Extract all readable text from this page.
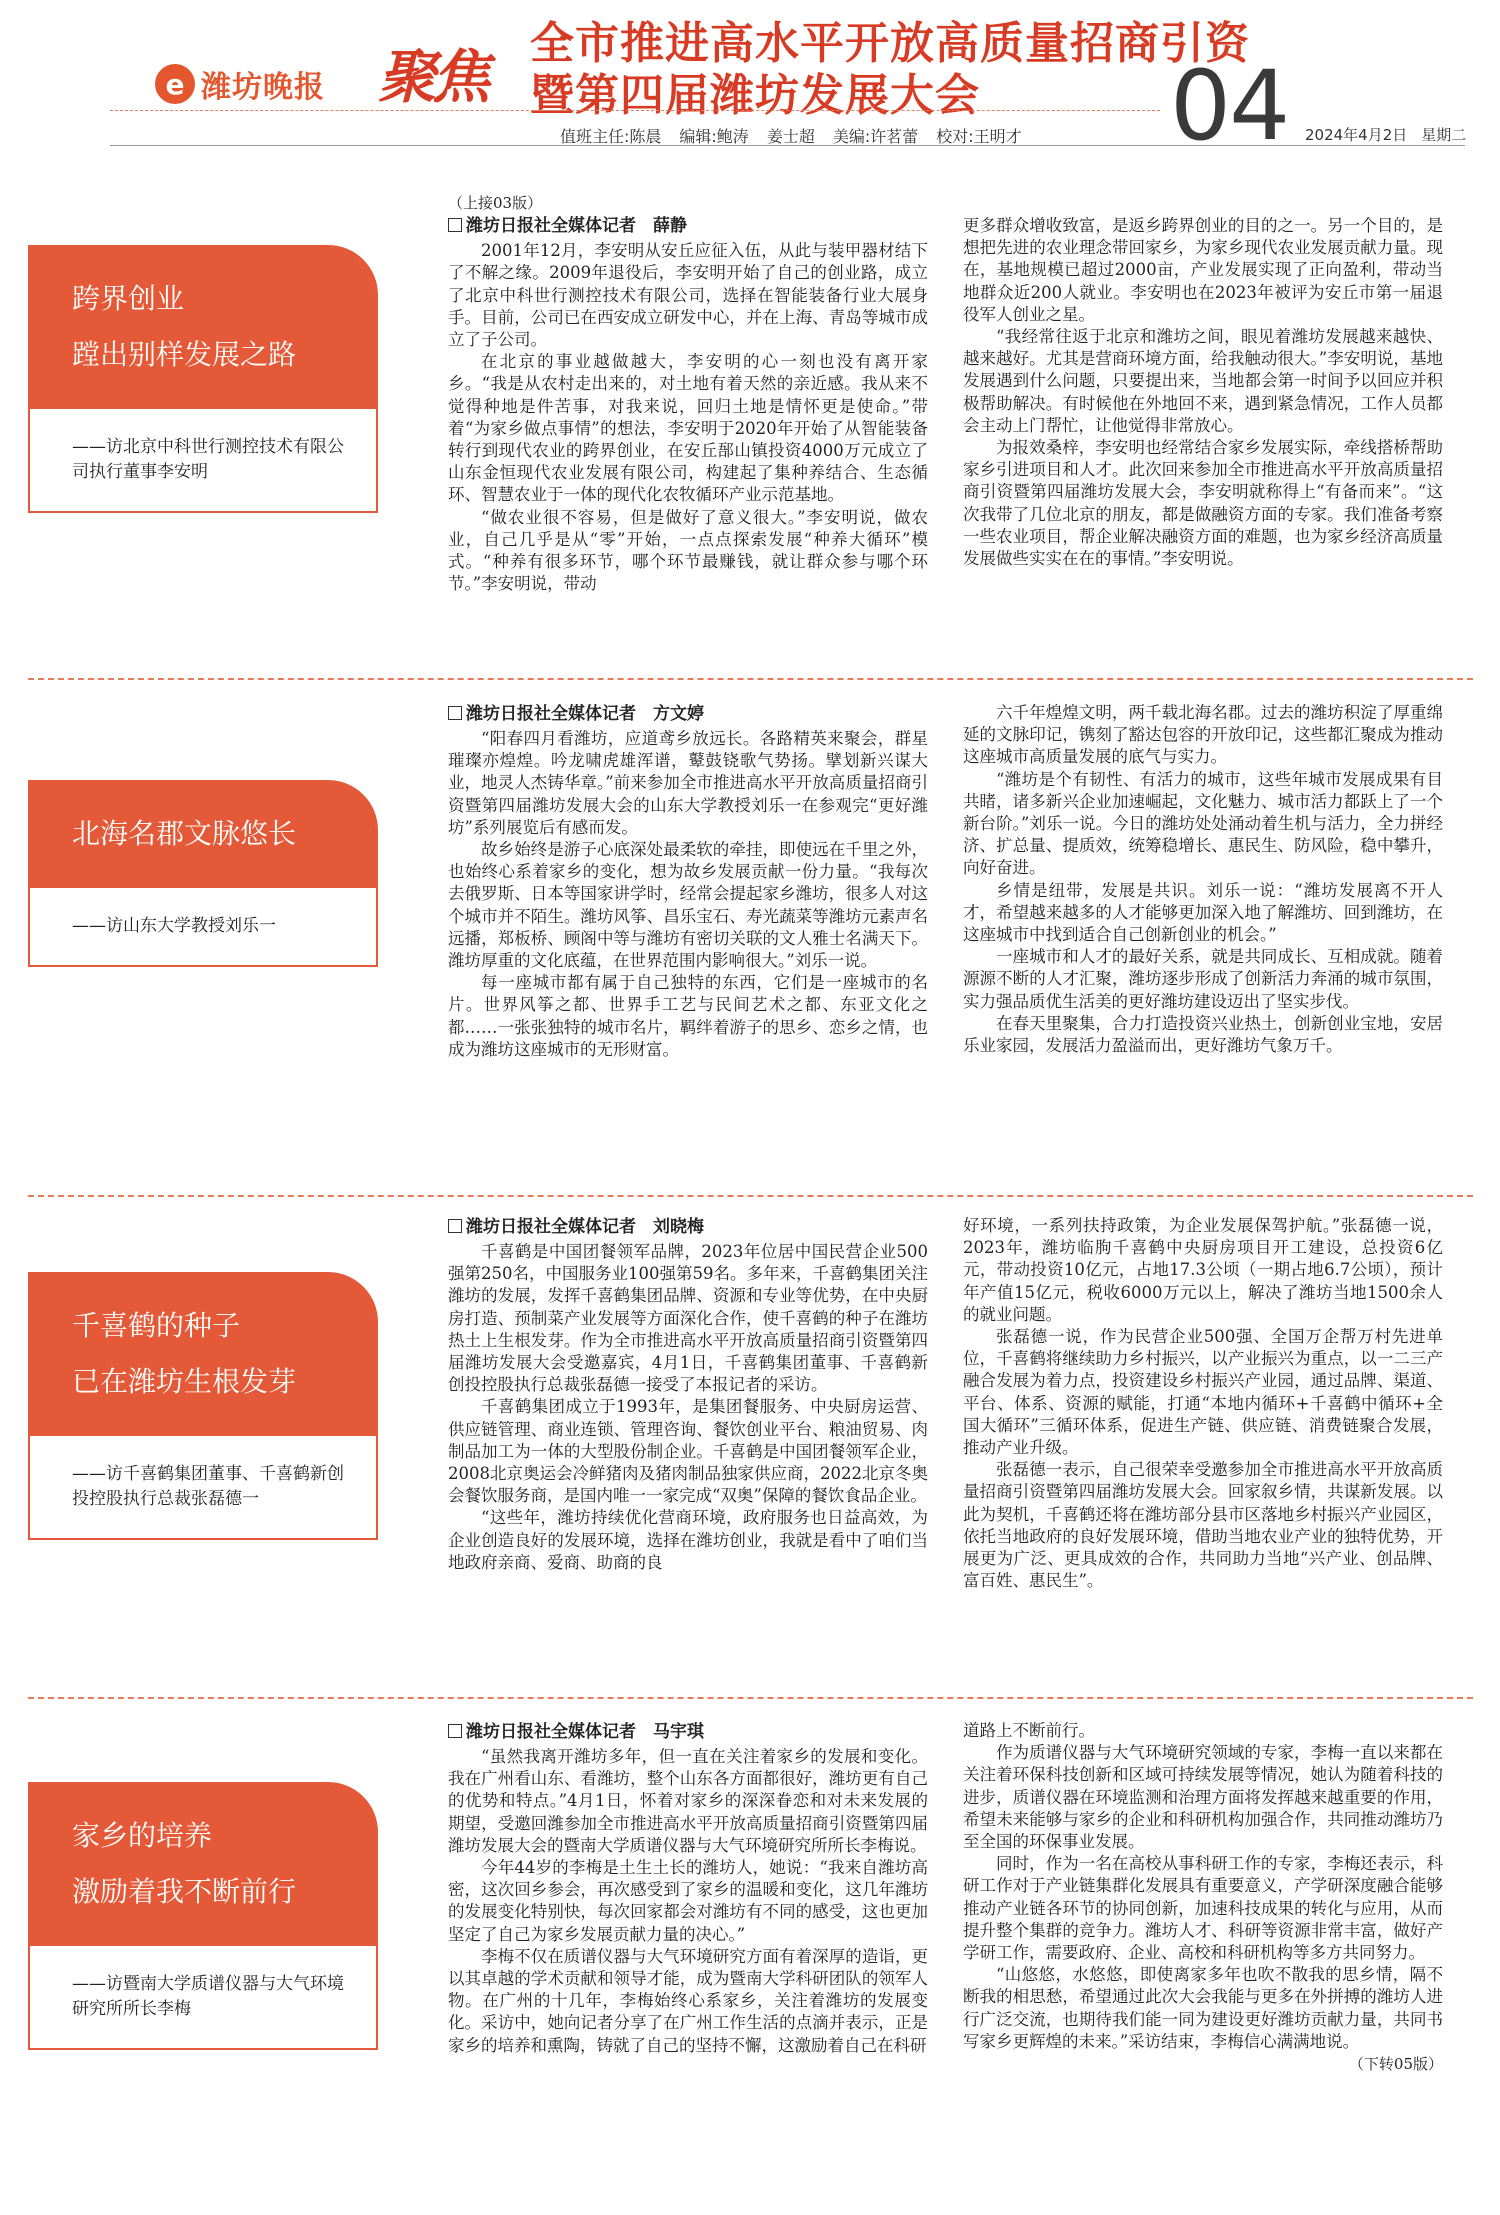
e 潍坊晚报 聚焦 全市推进高水平开放高质量招商引资
暨第四届潍坊发展大会	04
值班主任:陈晨 编辑:鲍涛 姜士超 美编:许茗蕾 校对:王明才	2024年4月2日 星期二
跨界创业
蹚出别样发展之路
——访北京中科世行测控技术有限公司执行董事李安明
（上接03版）
潍坊日报社全媒体记者　薛静

2001年12月，李安明从安丘应征入伍，从此与装甲器材结下了不解之缘。2009年退役后，李安明开始了自己的创业路，成立了北京中科世行测控技术有限公司，选择在智能装备行业大展身手。目前，公司已在西安成立研发中心，并在上海、青岛等城市成立了子公司。

在北京的事业越做越大，李安明的心一刻也没有离开家乡。“我是从农村走出来的，对土地有着天然的亲近感。我从来不觉得种地是件苦事，对我来说，回归土地是情怀更是使命。”带着“为家乡做点事情”的想法，李安明于2020年开始了从智能装备转行到现代农业的跨界创业，在安丘郚山镇投资4000万元成立了山东金恒现代农业发展有限公司，构建起了集种养结合、生态循环、智慧农业于一体的现代化农牧循环产业示范基地。

“做农业很不容易，但是做好了意义很大。”李安明说，做农业，自己几乎是从“零”开始，一点点探索发展“种养大循环”模式。“种养有很多环节，哪个环节最赚钱，就让群众参与哪个环节。”李安明说，带动

更多群众增收致富，是返乡跨界创业的目的之一。另一个目的，是想把先进的农业理念带回家乡，为家乡现代农业发展贡献力量。现在，基地规模已超过2000亩，产业发展实现了正向盈利，带动当地群众近200人就业。李安明也在2023年被评为安丘市第一届退役军人创业之星。

“我经常往返于北京和潍坊之间，眼见着潍坊发展越来越快、越来越好。尤其是营商环境方面，给我触动很大。”李安明说，基地发展遇到什么问题，只要提出来，当地都会第一时间予以回应并积极帮助解决。有时候他在外地回不来，遇到紧急情况，工作人员都会主动上门帮忙，让他觉得非常放心。

为报效桑梓，李安明也经常结合家乡发展实际，牵线搭桥帮助家乡引进项目和人才。此次回来参加全市推进高水平开放高质量招商引资暨第四届潍坊发展大会，李安明就称得上“有备而来”。“这次我带了几位北京的朋友，都是做融资方面的专家。我们准备考察一些农业项目，帮企业解决融资方面的难题，也为家乡经济高质量发展做些实实在在的事情。”李安明说。

北海名郡文脉悠长
——访山东大学教授刘乐一
潍坊日报社全媒体记者　方文婷

“阳春四月看潍坊，应道鸢乡放远长。各路精英来聚会，群星璀璨亦煌煌。吟龙啸虎雄浑谱，鼙鼓铙歌气势扬。擘划新兴谋大业，地灵人杰铸华章。”前来参加全市推进高水平开放高质量招商引资暨第四届潍坊发展大会的山东大学教授刘乐一在参观完“更好潍坊”系列展览后有感而发。

故乡始终是游子心底深处最柔软的牵挂，即使远在千里之外，也始终心系着家乡的变化，想为故乡发展贡献一份力量。“我每次去俄罗斯、日本等国家讲学时，经常会提起家乡潍坊，很多人对这个城市并不陌生。潍坊风筝、昌乐宝石、寿光蔬菜等潍坊元素声名远播，郑板桥、顾阁中等与潍坊有密切关联的文人雅士名满天下。潍坊厚重的文化底蕴，在世界范围内影响很大。”刘乐一说。

每一座城市都有属于自己独特的东西，它们是一座城市的名片。世界风筝之都、世界手工艺与民间艺术之都、东亚文化之都……一张张独特的城市名片，羁绊着游子的思乡、恋乡之情，也成为潍坊这座城市的无形财富。

六千年煌煌文明，两千载北海名郡。过去的潍坊积淀了厚重绵延的文脉印记，镌刻了豁达包容的开放印记，这些都汇聚成为推动这座城市高质量发展的底气与实力。

“潍坊是个有韧性、有活力的城市，这些年城市发展成果有目共睹，诸多新兴企业加速崛起，文化魅力、城市活力都跃上了一个新台阶。”刘乐一说。今日的潍坊处处涌动着生机与活力，全力拼经济、扩总量、提质效，统筹稳增长、惠民生、防风险，稳中攀升，向好奋进。

乡情是纽带，发展是共识。刘乐一说：“潍坊发展离不开人才，希望越来越多的人才能够更加深入地了解潍坊、回到潍坊，在这座城市中找到适合自己创新创业的机会。”

一座城市和人才的最好关系，就是共同成长、互相成就。随着源源不断的人才汇聚，潍坊逐步形成了创新活力奔涌的城市氛围，实力强品质优生活美的更好潍坊建设迈出了坚实步伐。

在春天里聚集，合力打造投资兴业热土，创新创业宝地，安居乐业家园，发展活力盈溢而出，更好潍坊气象万千。

千喜鹤的种子
已在潍坊生根发芽
——访千喜鹤集团董事、千喜鹤新创投控股执行总裁张磊德一
潍坊日报社全媒体记者　刘晓梅

千喜鹤是中国团餐领军品牌，2023年位居中国民营企业500强第250名，中国服务业100强第59名。多年来，千喜鹤集团关注潍坊的发展，发挥千喜鹤集团品牌、资源和专业等优势，在中央厨房打造、预制菜产业发展等方面深化合作，使千喜鹤的种子在潍坊热土上生根发芽。作为全市推进高水平开放高质量招商引资暨第四届潍坊发展大会受邀嘉宾，4月1日，千喜鹤集团董事、千喜鹤新创投控股执行总裁张磊德一接受了本报记者的采访。

千喜鹤集团成立于1993年，是集团餐服务、中央厨房运营、供应链管理、商业连锁、管理咨询、餐饮创业平台、粮油贸易、肉制品加工为一体的大型股份制企业。千喜鹤是中国团餐领军企业，2008北京奥运会冷鲜猪肉及猪肉制品独家供应商，2022北京冬奥会餐饮服务商，是国内唯一一家完成“双奥”保障的餐饮食品企业。

“这些年，潍坊持续优化营商环境，政府服务也日益高效，为企业创造良好的发展环境，选择在潍坊创业，我就是看中了咱们当地政府亲商、爱商、助商的良

好环境，一系列扶持政策，为企业发展保驾护航。”张磊德一说，2023年，潍坊临朐千喜鹤中央厨房项目开工建设，总投资6亿元，带动投资10亿元，占地17.3公顷（一期占地6.7公顷），预计年产值15亿元，税收6000万元以上，解决了潍坊当地1500余人的就业问题。

张磊德一说，作为民营企业500强、全国万企帮万村先进单位，千喜鹤将继续助力乡村振兴，以产业振兴为重点，以一二三产融合发展为着力点，投资建设乡村振兴产业园，通过品牌、渠道、平台、体系、资源的赋能，打通“本地内循环+千喜鹤中循环+全国大循环”三循环体系，促进生产链、供应链、消费链聚合发展，推动产业升级。

张磊德一表示，自己很荣幸受邀参加全市推进高水平开放高质量招商引资暨第四届潍坊发展大会。回家叙乡情，共谋新发展。以此为契机，千喜鹤还将在潍坊部分县市区落地乡村振兴产业园区，依托当地政府的良好发展环境，借助当地农业产业的独特优势，开展更为广泛、更具成效的合作，共同助力当地“兴产业、创品牌、富百姓、惠民生”。

家乡的培养
激励着我不断前行
——访暨南大学质谱仪器与大气环境研究所所长李梅
潍坊日报社全媒体记者　马宇琪

“虽然我离开潍坊多年，但一直在关注着家乡的发展和变化。我在广州看山东、看潍坊，整个山东各方面都很好，潍坊更有自己的优势和特点。”4月1日，怀着对家乡的深深眷恋和对未来发展的期望，受邀回潍参加全市推进高水平开放高质量招商引资暨第四届潍坊发展大会的暨南大学质谱仪器与大气环境研究所所长李梅说。

今年44岁的李梅是土生土长的潍坊人，她说：“我来自潍坊高密，这次回乡参会，再次感受到了家乡的温暖和变化，这几年潍坊的发展变化特别快，每次回家都会对潍坊有不同的感受，这也更加坚定了自己为家乡发展贡献力量的决心。”

李梅不仅在质谱仪器与大气环境研究方面有着深厚的造诣，更以其卓越的学术贡献和领导才能，成为暨南大学科研团队的领军人物。在广州的十几年，李梅始终心系家乡，关注着潍坊的发展变化。采访中，她向记者分享了在广州工作生活的点滴并表示，正是家乡的培养和熏陶，铸就了自己的坚持不懈，这激励着自己在科研

道路上不断前行。

作为质谱仪器与大气环境研究领域的专家，李梅一直以来都在关注着环保科技创新和区域可持续发展等情况，她认为随着科技的进步，质谱仪器在环境监测和治理方面将发挥越来越重要的作用，希望未来能够与家乡的企业和科研机构加强合作，共同推动潍坊乃至全国的环保事业发展。

同时，作为一名在高校从事科研工作的专家，李梅还表示，科研工作对于产业链集群化发展具有重要意义，产学研深度融合能够推动产业链各环节的协同创新，加速科技成果的转化与应用，从而提升整个集群的竞争力。潍坊人才、科研等资源非常丰富，做好产学研工作，需要政府、企业、高校和科研机构等多方共同努力。

“山悠悠，水悠悠，即使离家多年也吹不散我的思乡情，隔不断我的相思愁，希望通过此次大会我能与更多在外拼搏的潍坊人进行广泛交流，也期待我们能一同为建设更好潍坊贡献力量，共同书写家乡更辉煌的未来。”采访结束，李梅信心满满地说。

（下转05版）
